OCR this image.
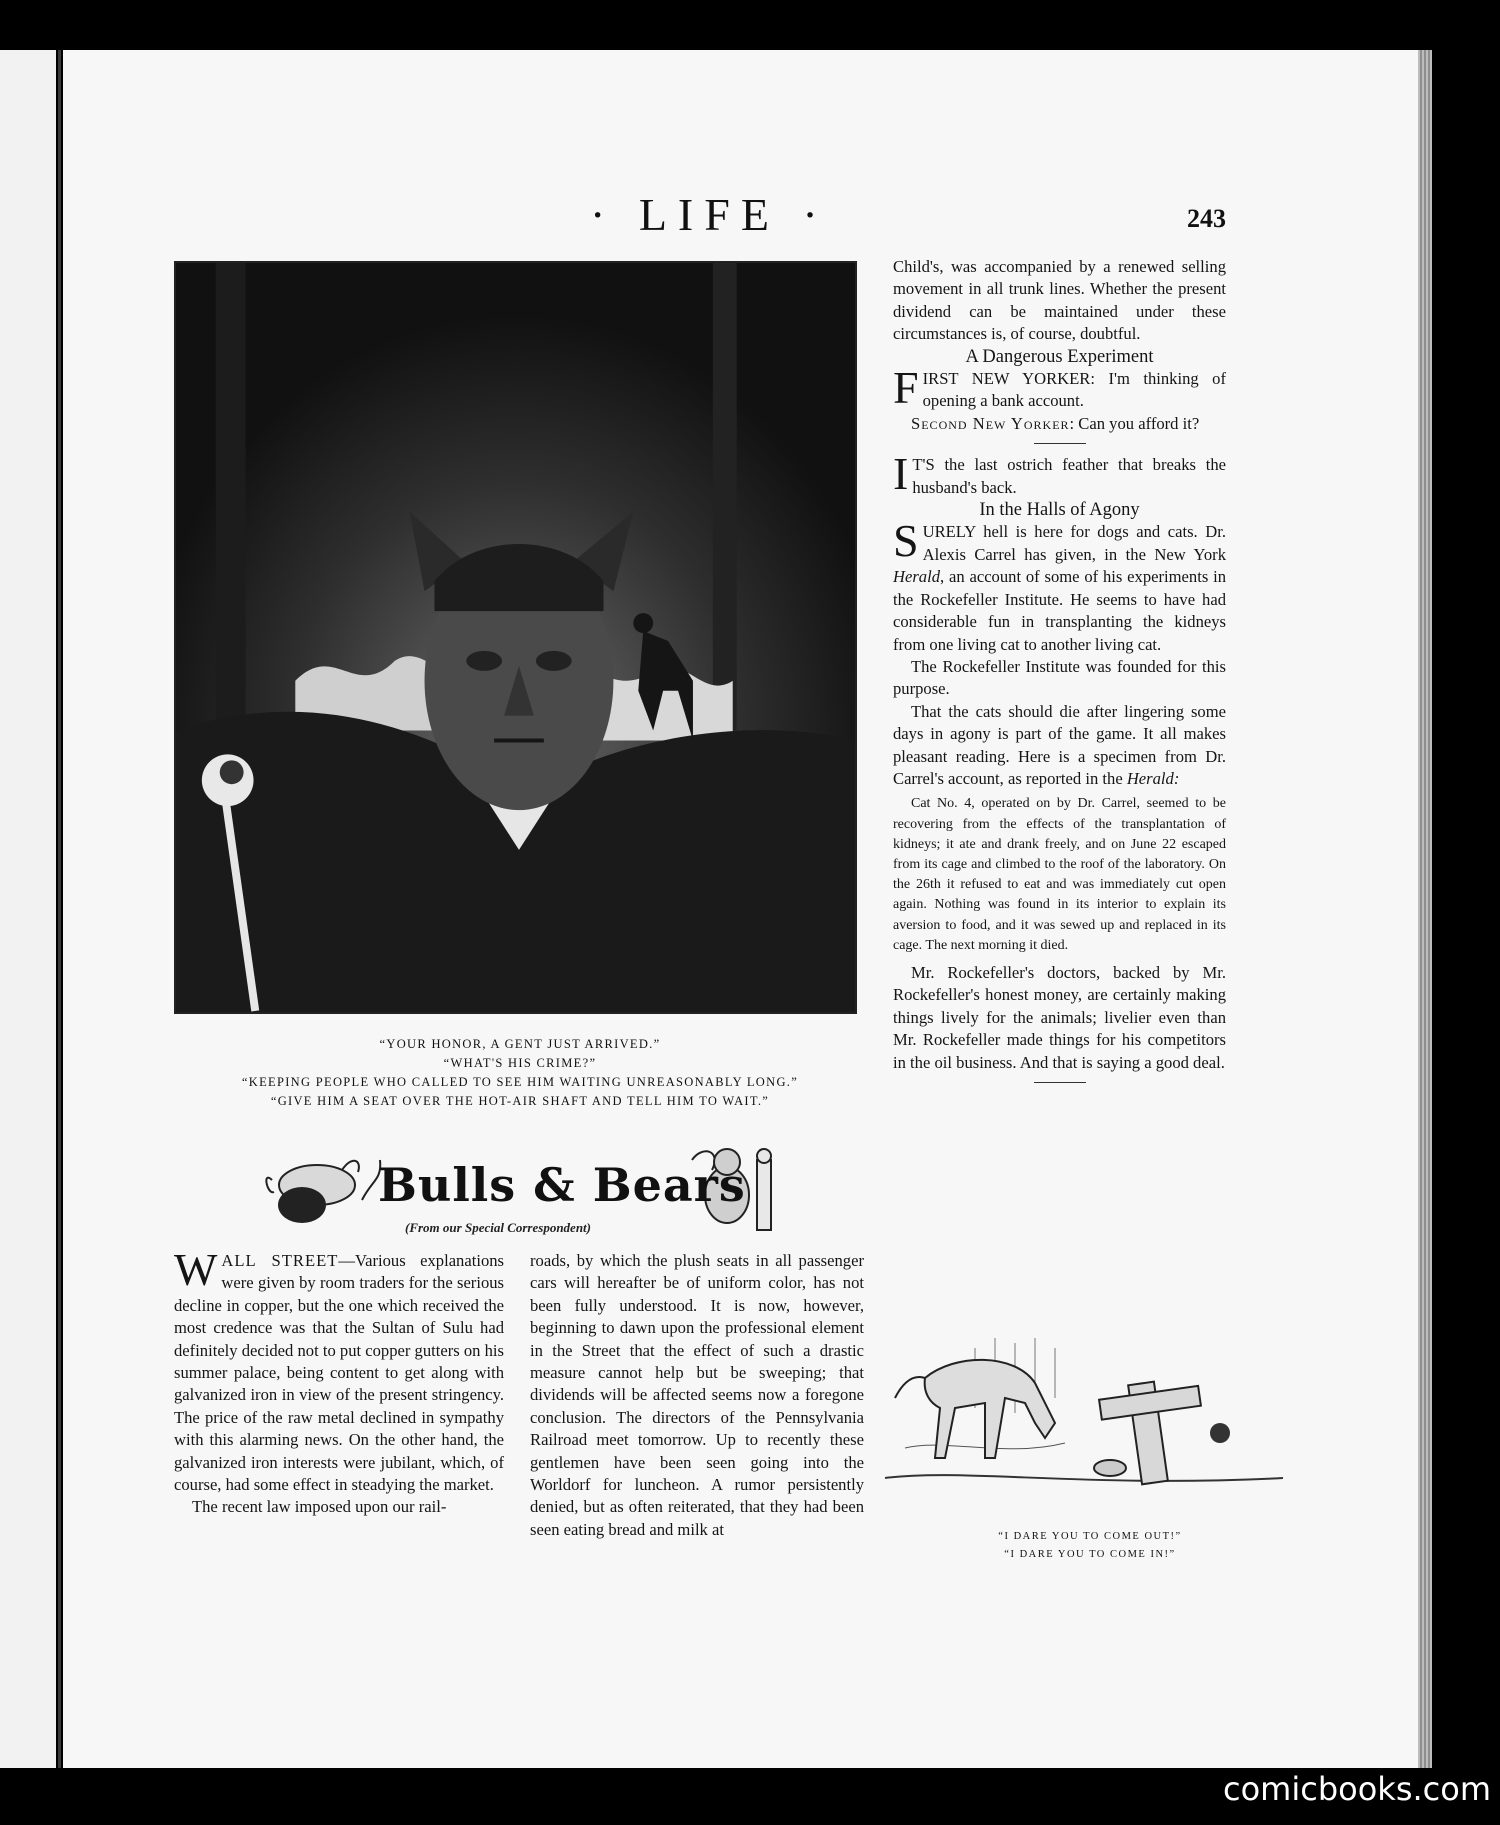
· LIFE ·	243
“YOUR HONOR, A GENT JUST ARRIVED.”
“WHAT'S HIS CRIME?”
“KEEPING PEOPLE WHO CALLED TO SEE HIM WAITING UNREASONABLY LONG.”
“GIVE HIM A SEAT OVER THE HOT-AIR SHAFT AND TELL HIM TO WAIT.”
Bulls & Bears
(From our Special Correspondent)

WALL STREET—Various explanations were given by room traders for the serious decline in copper, but the one which received the most credence was that the Sultan of Sulu had definitely decided not to put copper gutters on his summer palace, being content to get along with galvanized iron in view of the present stringency. The price of the raw metal declined in sympathy with this alarming news. On the other hand, the galvanized iron interests were jubilant, which, of course, had some effect in steadying the market.

The recent law imposed upon our rail-

roads, by which the plush seats in all passenger cars will hereafter be of uniform color, has not been fully understood. It is now, however, beginning to dawn upon the professional element in the Street that the effect of such a drastic measure cannot help but be sweeping; that dividends will be affected seems now a foregone conclusion. The directors of the Pennsylvania Railroad meet tomorrow. Up to recently these gentlemen have been seen going into the Worldorf for luncheon. A rumor persistently denied, but as often reiterated, that they had been seen eating bread and milk at

Child's, was accompanied by a renewed selling movement in all trunk lines. Whether the present dividend can be maintained under these circumstances is, of course, doubtful.

A Dangerous Experiment

FIRST NEW YORKER: I'm thinking of opening a bank account.

Second New Yorker: Can you afford it?

I T'S the last ostrich feather that breaks the husband's back.

In the Halls of Agony

SURELY hell is here for dogs and cats. Dr. Alexis Carrel has given, in the New York Herald, an account of some of his experiments in the Rockefeller Institute. He seems to have had considerable fun in transplanting the kidneys from one living cat to another living cat.

The Rockefeller Institute was founded for this purpose.

That the cats should die after lingering some days in agony is part of the game. It all makes pleasant reading. Here is a specimen from Dr. Carrel's account, as reported in the Herald:

Cat No. 4, operated on by Dr. Carrel, seemed to be recovering from the effects of the transplantation of kidneys; it ate and drank freely, and on June 22 escaped from its cage and climbed to the roof of the laboratory. On the 26th it refused to eat and was immediately cut open again. Nothing was found in its interior to explain its aversion to food, and it was sewed up and replaced in its cage. The next morning it died.

Mr. Rockefeller's doctors, backed by Mr. Rockefeller's honest money, are certainly making things lively for the animals; livelier even than Mr. Rockefeller made things for his competitors in the oil business. And that is saying a good deal.

“I DARE YOU TO COME OUT!”
“I DARE YOU TO COME IN!”
comicbooks.com
